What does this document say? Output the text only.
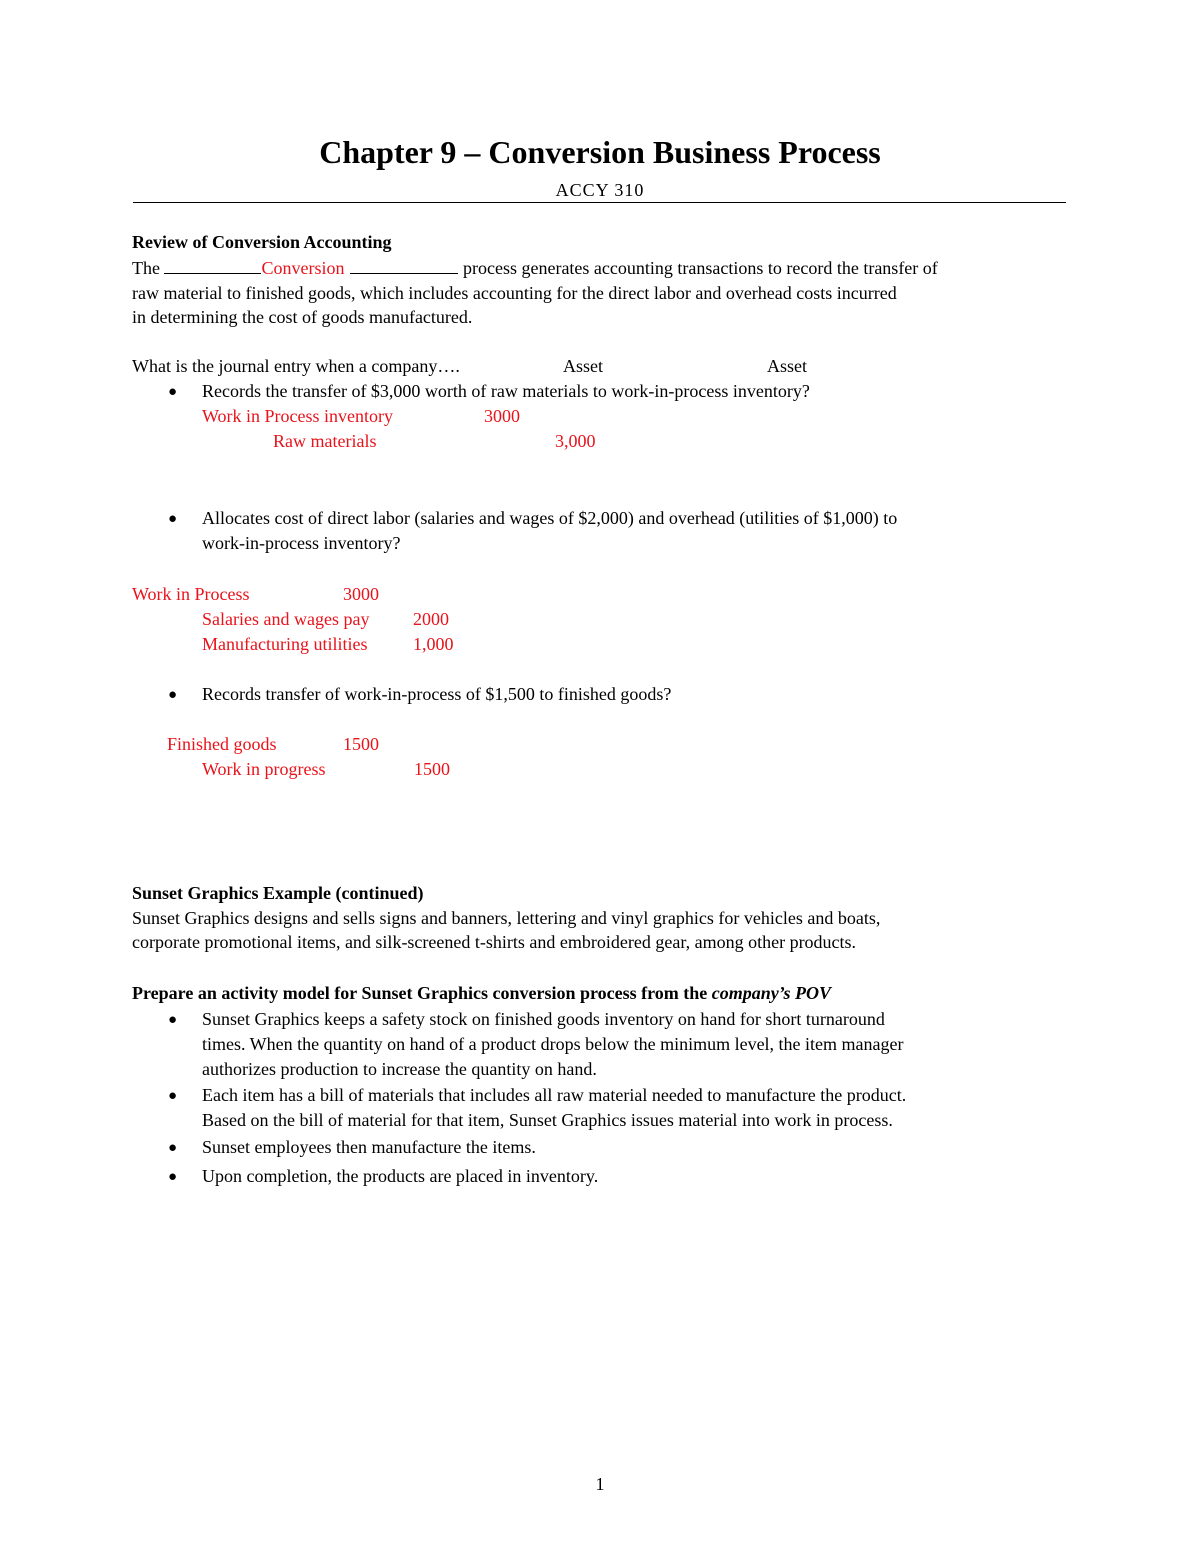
Chapter 9 – Conversion Business Process
ACCY 310
Review of Conversion Accounting
The	Conversion	process generates accounting transactions to record the transfer of
raw material to finished goods, which includes accounting for the direct labor and overhead costs incurred
in determining the cost of goods manufactured.
What is the journal entry when a company….	Asset	Asset
● Records the transfer of $3,000 worth of raw materials to work-in-process inventory?
Work in Process inventory	3000
Raw materials	3,000
● Allocates cost of direct labor (salaries and wages of $2,000) and overhead (utilities of $1,000) to
work-in-process inventory?
Work in Process	3000
Salaries and wages pay 2000
Manufacturing utilities	1,000
● Records transfer of work-in-process of $1,500 to finished goods?
Finished goods	1500
Work in progress	1500
Sunset Graphics Example (continued)
Sunset Graphics designs and sells signs and banners, lettering and vinyl graphics for vehicles and boats,
corporate promotional items, and silk-screened t-shirts and embroidered gear, among other products.
Prepare an activity model for Sunset Graphics conversion process from the company’s POV
● Sunset Graphics keeps a safety stock on finished goods inventory on hand for short turnaround
times. When the quantity on hand of a product drops below the minimum level, the item manager
authorizes production to increase the quantity on hand.
● Each item has a bill of materials that includes all raw material needed to manufacture the product.
Based on the bill of material for that item, Sunset Graphics issues material into work in process.
● Sunset employees then manufacture the items.
● Upon completion, the products are placed in inventory.
1
